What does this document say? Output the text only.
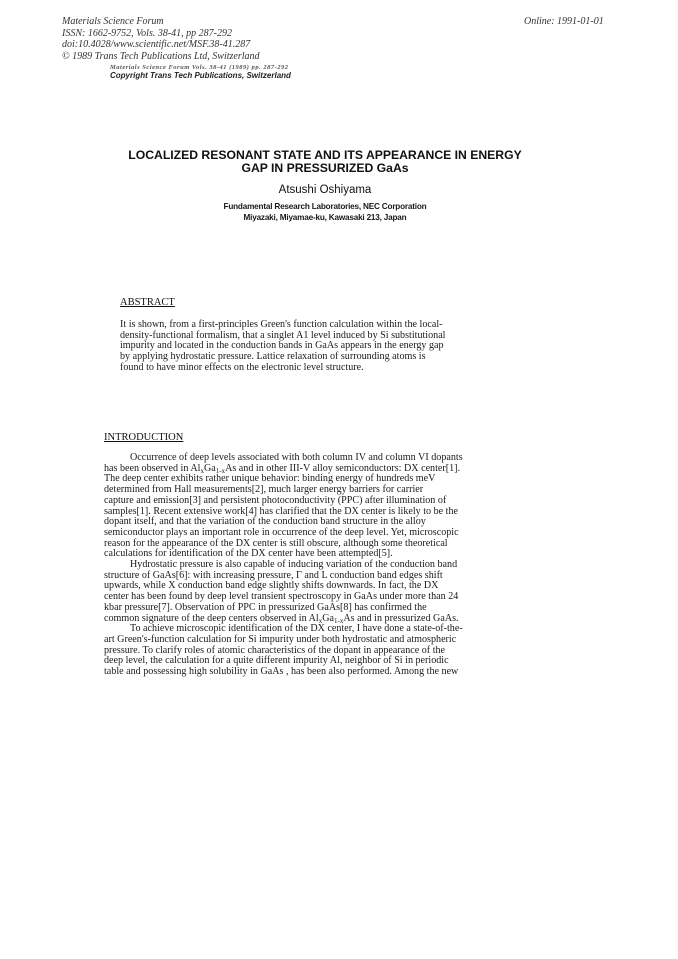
Materials Science Forum
ISSN: 1662-9752, Vols. 38-41, pp 287-292
doi:10.4028/www.scientific.net/MSF.38-41.287
© 1989 Trans Tech Publications Ltd, Switzerland
Online: 1991-01-01
Materials Science Forum Vols. 38-41 (1989) pp. 287-292
Copyright Trans Tech Publications, Switzerland
LOCALIZED RESONANT STATE AND ITS APPEARANCE IN ENERGY
GAP IN PRESSURIZED GaAs
Atsushi Oshiyama
Fundamental Research Laboratories, NEC Corporation
Miyazaki, Miyamae-ku, Kawasaki 213, Japan
ABSTRACT

It is shown, from a first-principles Green's function calculation within the local-

density-functional formalism, that a singlet A1 level induced by Si substitutional

impurity and located in the conduction bands in GaAs appears in the energy gap

by applying hydrostatic pressure. Lattice relaxation of surrounding atoms is

found to have minor effects on the electronic level structure.

INTRODUCTION

Occurrence of deep levels associated with both column IV and column VI dopants

has been observed in $Al_xGa_{1-x}As$ and in other III-V alloy semiconductors: DX center[1].

The deep center exhibits rather unique behavior: binding energy of hundreds meV

determined from Hall measurements[2], much larger energy barriers for carrier

capture and emission[3] and persistent photoconductivity (PPC) after illumination of

samples[1]. Recent extensive work[4] has clarified that the DX center is likely to be the

dopant itself, and that the variation of the conduction band structure in the alloy

semiconductor plays an important role in occurrence of the deep level. Yet, microscopic

reason for the appearance of the DX center is still obscure, although some theoretical

calculations for identification of the DX center have been attempted[5].

Hydrostatic pressure is also capable of inducing variation of the conduction band

structure of GaAs[6]: with increasing pressure, Γ and L conduction band edges shift

upwards, while X conduction band edge slightly shifts downwards. In fact, the DX

center has been found by deep level transient spectroscopy in GaAs under more than 24

kbar pressure[7]. Observation of PPC in pressurized GaAs[8] has confirmed the

common signature of the deep centers observed in $Al_xGa_{1-x}As$ and in pressurized GaAs.

To achieve microscopic identification of the DX center, I have done a state-of-the-

art Green's-function calculation for Si impurity under both hydrostatic and atmospheric

pressure. To clarify roles of atomic characteristics of the dopant in appearance of the

deep level, the calculation for a quite different impurity Al, neighbor of Si in periodic

table and possessing high solubility in GaAs , has been also performed. Among the new
